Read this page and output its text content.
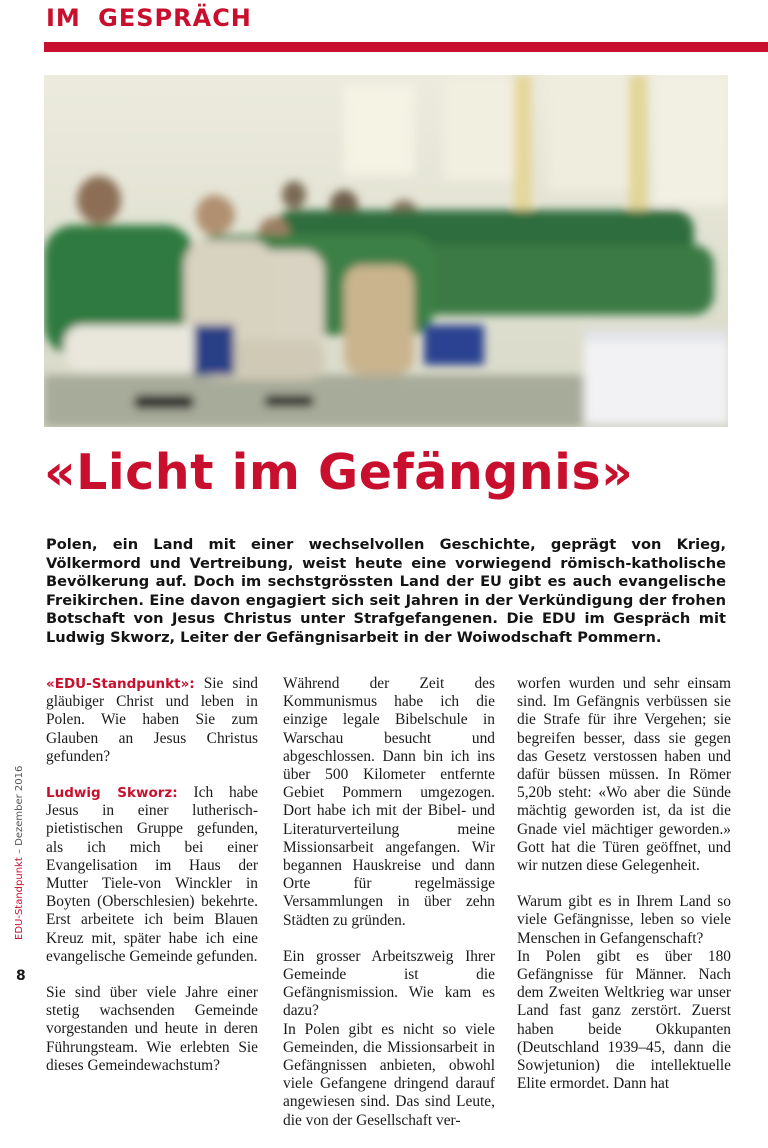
IM GESPRÄCH
«Licht im Gefängnis»
Polen, ein Land mit einer wechselvollen Geschichte, geprägt von Krieg, Völkermord und Vertreibung, weist heute eine vorwiegend römisch-katholische Bevölkerung auf. Doch im sechstgrössten Land der EU gibt es auch evangelische Freikirchen. Eine davon engagiert sich seit Jahren in der Verkündigung der frohen Botschaft von Jesus Christus unter Strafgefangenen. Die EDU im Gespräch mit Ludwig Skworz, Leiter der Gefängnisarbeit in der Woiwodschaft Pommern.

«EDU-Standpunkt»: Sie sind gläubiger Christ und leben in Polen. Wie haben Sie zum Glauben an Jesus Christus gefunden?

Ludwig Skworz: Ich habe Jesus in einer lutherisch-pietistischen Gruppe gefunden, als ich mich bei einer Evangelisation im Haus der Mutter Tiele-von Winckler in Boyten (Oberschlesien) bekehrte. Erst arbeitete ich beim Blauen Kreuz mit, später habe ich eine evangelische Gemeinde gefunden.

Sie sind über viele Jahre einer stetig wachsenden Gemeinde vorgestanden und heute in deren Führungsteam. Wie erlebten Sie dieses Gemeindewachstum?

Während der Zeit des Kommunismus habe ich die einzige legale Bibelschule in Warschau besucht und abgeschlossen. Dann bin ich ins über 500 Kilometer entfernte Gebiet Pommern umgezogen. Dort habe ich mit der Bibel- und Literaturverteilung meine Missionsarbeit angefangen. Wir begannen Hauskreise und dann Orte für regelmässige Versammlungen in über zehn Städten zu gründen.

Ein grosser Arbeitszweig Ihrer Gemeinde ist die Gefängnismission. Wie kam es dazu?

In Polen gibt es nicht so viele Gemeinden, die Missionsarbeit in Gefängnissen anbieten, obwohl viele Gefangene dringend darauf angewiesen sind. Das sind Leute, die von der Gesellschaft ver-

worfen wurden und sehr einsam sind. Im Gefängnis verbüssen sie die Strafe für ihre Vergehen; sie begreifen besser, dass sie gegen das Gesetz verstossen haben und dafür büssen müssen. In Römer 5,20b steht: «Wo aber die Sünde mächtig geworden ist, da ist die Gnade viel mächtiger geworden.» Gott hat die Türen geöffnet, und wir nutzen diese Gelegenheit.

Warum gibt es in Ihrem Land so viele Gefängnisse, leben so viele Menschen in Gefangenschaft?

In Polen gibt es über 180 Gefängnisse für Männer. Nach dem Zweiten Weltkrieg war unser Land fast ganz zerstört. Zuerst haben beide Okkupanten (Deutschland 1939–45, dann die Sowjetunion) die intellektuelle Elite ermordet. Dann hat

EDU-Standpunkt – Dezember 2016
8
